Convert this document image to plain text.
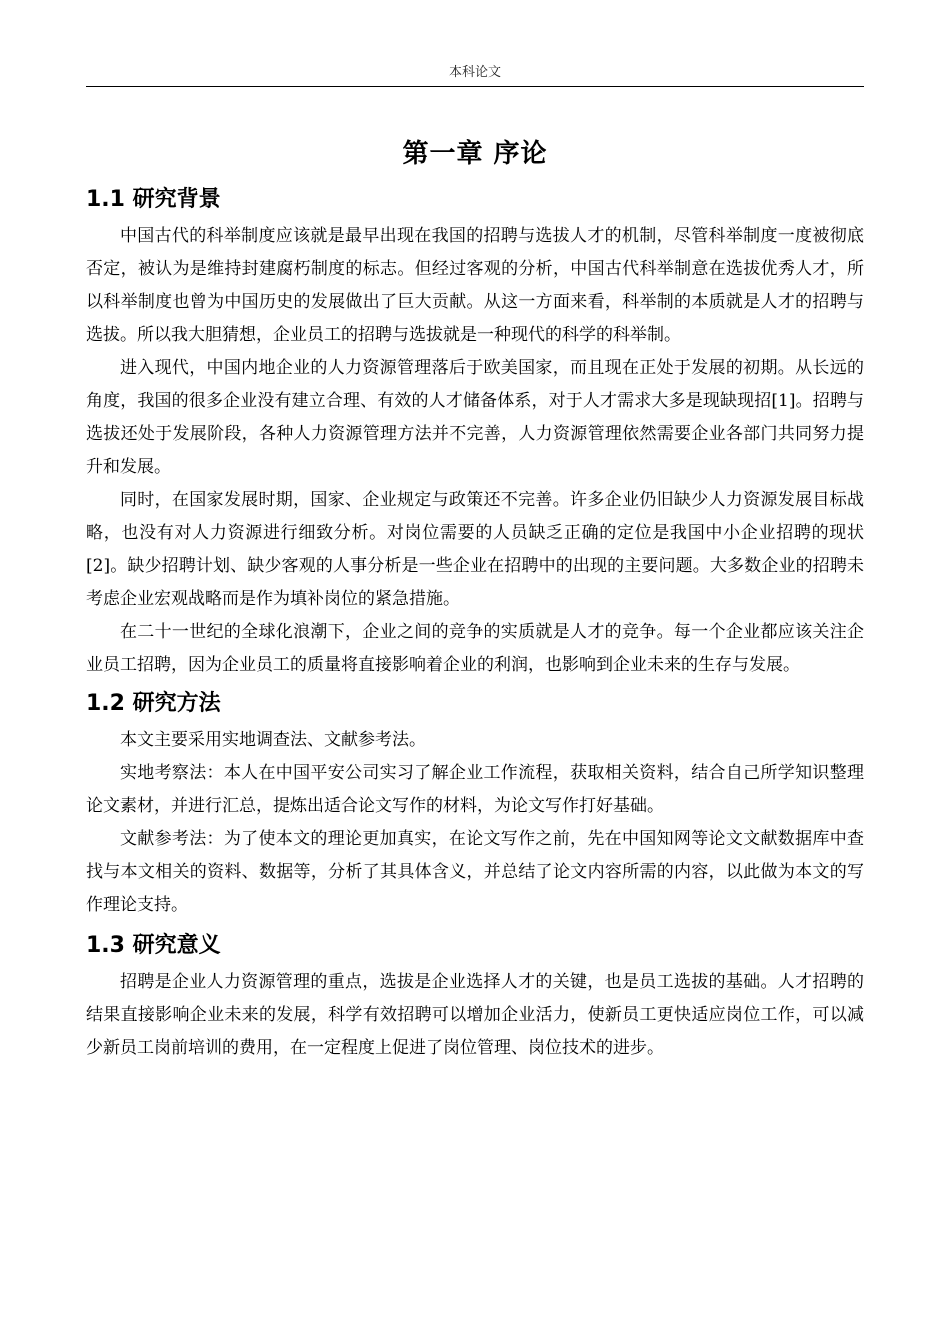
本科论文
第一章 序论
1.1 研究背景

中国古代的科举制度应该就是最早出现在我国的招聘与选拔人才的机制，尽管科举制度一度被彻底否定，被认为是维持封建腐朽制度的标志。但经过客观的分析，中国古代科举制意在选拔优秀人才，所以科举制度也曾为中国历史的发展做出了巨大贡献。从这一方面来看，科举制的本质就是人才的招聘与选拔。所以我大胆猜想，企业员工的招聘与选拔就是一种现代的科学的科举制。

进入现代，中国内地企业的人力资源管理落后于欧美国家，而且现在正处于发展的初期。从长远的角度，我国的很多企业没有建立合理、有效的人才储备体系，对于人才需求大多是现缺现招[1]。招聘与选拔还处于发展阶段，各种人力资源管理方法并不完善，人力资源管理依然需要企业各部门共同努力提升和发展。

同时，在国家发展时期，国家、企业规定与政策还不完善。许多企业仍旧缺少人力资源发展目标战略，也没有对人力资源进行细致分析。对岗位需要的人员缺乏正确的定位是我国中小企业招聘的现状[2]。缺少招聘计划、缺少客观的人事分析是一些企业在招聘中的出现的主要问题。大多数企业的招聘未考虑企业宏观战略而是作为填补岗位的紧急措施。

在二十一世纪的全球化浪潮下，企业之间的竞争的实质就是人才的竞争。每一个企业都应该关注企业员工招聘，因为企业员工的质量将直接影响着企业的利润，也影响到企业未来的生存与发展。

1.2 研究方法

本文主要采用实地调查法、文献参考法。

实地考察法：本人在中国平安公司实习了解企业工作流程，获取相关资料，结合自己所学知识整理论文素材，并进行汇总，提炼出适合论文写作的材料，为论文写作打好基础。

文献参考法：为了使本文的理论更加真实，在论文写作之前，先在中国知网等论文文献数据库中查找与本文相关的资料、数据等，分析了其具体含义，并总结了论文内容所需的内容，以此做为本文的写作理论支持。

1.3 研究意义

招聘是企业人力资源管理的重点，选拔是企业选择人才的关键，也是员工选拔的基础。人才招聘的结果直接影响企业未来的发展，科学有效招聘可以增加企业活力，使新员工更快适应岗位工作，可以减少新员工岗前培训的费用，在一定程度上促进了岗位管理、岗位技术的进步。
